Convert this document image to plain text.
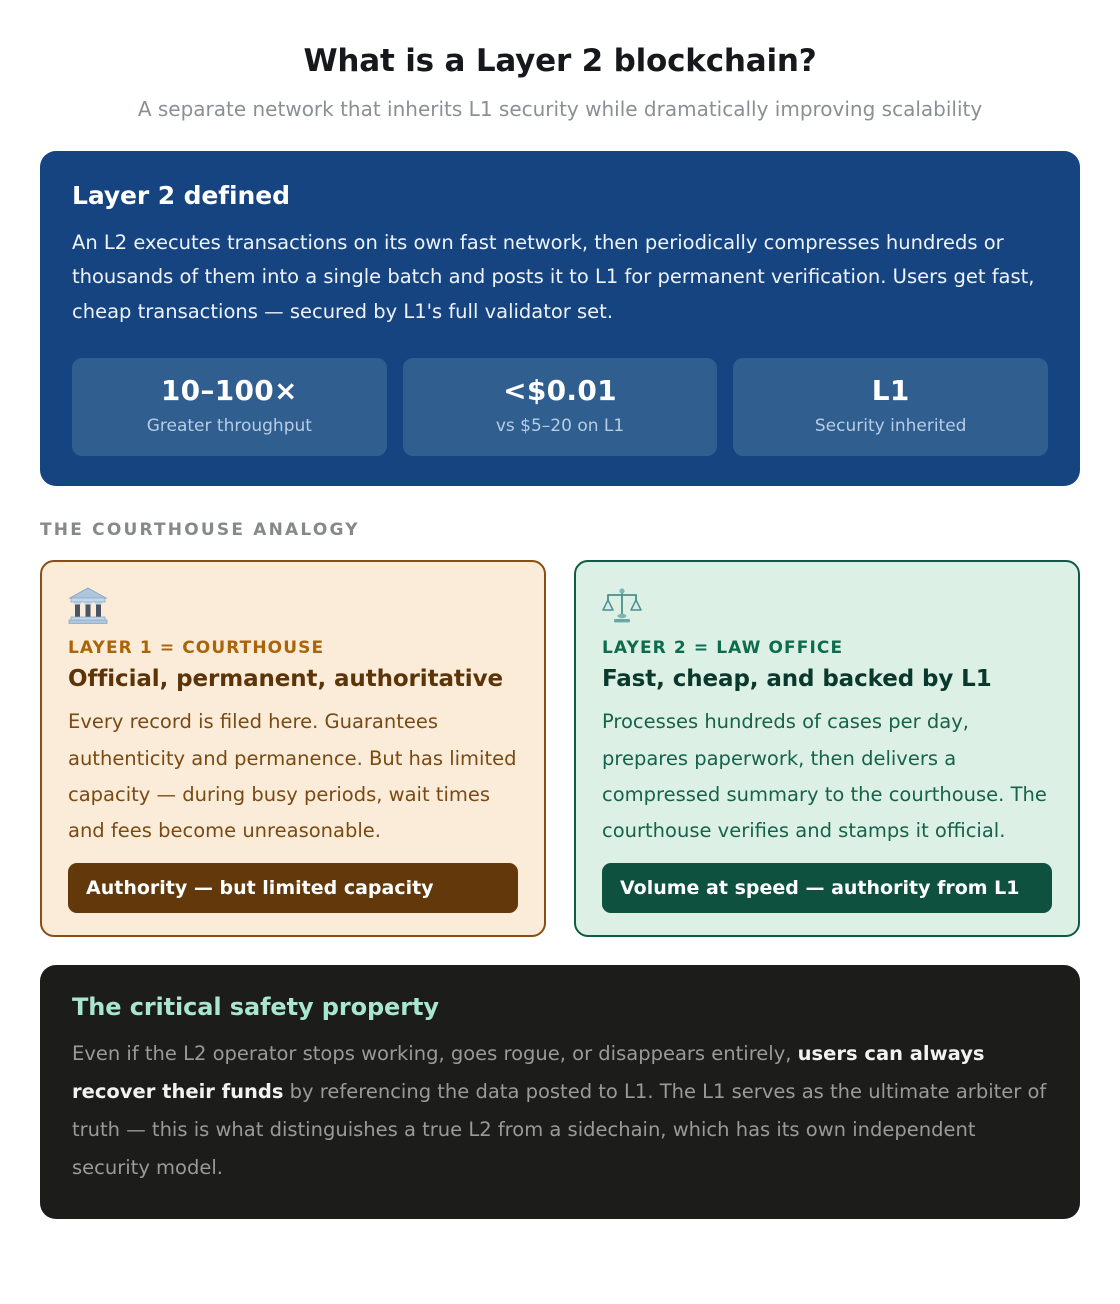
What is a Layer 2 blockchain?

A separate network that inherits L1 security while dramatically improving scalability

Layer 2 defined

An L2 executes transactions on its own fast network, then periodically compresses hundreds or thousands of them into a single batch and posts it to L1 for permanent verification. Users get fast, cheap transactions — secured by L1's full validator set.

10–100×
Greater throughput
<$0.01
vs $5–20 on L1
L1
Security inherited
THE COURTHOUSE ANALOGY
LAYER 1 = COURTHOUSE
Official, permanent, authoritative

Every record is filed here. Guarantees authenticity and permanence. But has limited capacity — during busy periods, wait times and fees become unreasonable.

Authority — but limited capacity
LAYER 2 = LAW OFFICE
Fast, cheap, and backed by L1

Processes hundreds of cases per day, prepares paperwork, then delivers a compressed summary to the courthouse. The courthouse verifies and stamps it official.

Volume at speed — authority from L1
The critical safety property

Even if the L2 operator stops working, goes rogue, or disappears entirely, users can always recover their funds by referencing the data posted to L1. The L1 serves as the ultimate arbiter of truth — this is what distinguishes a true L2 from a sidechain, which has its own independent security model.
